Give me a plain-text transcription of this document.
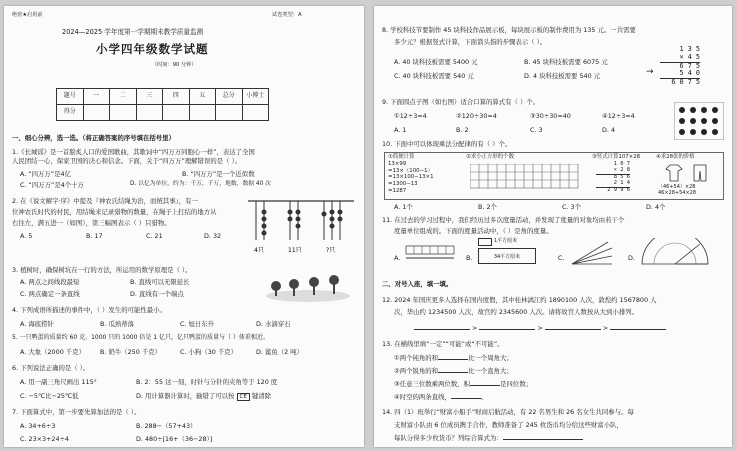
绝密★启用前	试卷类型：A
2024—2025 学年度第一学期期末教学质量监测
小学四年级数学试题
（时间：90 分钟）
题号	一	二	三	四	五	总分	小博士
得分							
一、细心分辨，选一选。（将正确答案的序号填在括号里）
1.《长城谣》是一首脍炙人口的爱国歌曲，其歌词中“四万万同胞心一样”，表达了全国
人民团结一心，保家卫国的决心和信念。下面，关于“四万万”理解错误的是（ ）。
A. “四万万”是4亿	B. “四万万”是一个近似数
C. “四万万”是4个十万	D. 以亿为单位，约为：千万，千万，地数，数据 40 次
2. 在《说文解字·序》中提及『神农氏结绳为治，而统其事』，有一
位神农氏时代的村民，用结绳来记录猎物的数量，在绳子上打结的地方从
右往左，满五进一（如图），第三幅图表示（ ）只猎物。
A. 5	B. 17	C. 21	D. 32
4只	11只	?只
3. 植树时，确保树坑在一行的方法，所运用的数学原理是（ ）。
A. 两点之间线段最短	B. 直线可以无限延长
C. 两点确定一条直线	D. 直线有一个端点
4. 下列成语所描述的事件中，（ ）发生的可能性最小。
A. 海底捞针	B. 瓜熟蒂落	C. 旭日东升	D. 水滴穿石
5. 一只鸭蛋的质量约 60 克，1000 只的 1000 倍是 1 亿只，亿只鸭蛋的质量与（ ）体重相近。
A. 大象（2000 千克） B. 奶牛（250 千克）	C. 小狗（30 千克）	D. 鲨鱼（2 吨）
6. 下列说法正确的是（ ）。
A. 用一副三角尺画出 115°	B. 2：55 这一刻，时针与分针的夹角等于 120 度
C. −5℃比−25℃低	D. 用计算器计算时，输错了可以按 CE 键清除
7. 下面算式中，第一步要先算加法的是（ ）。
A. 34+6÷3	B. 288−（57+43）
C. 23×3+24÷4	D. 480÷[16+（36−28）]
8. 学校科技节要制作 45 块科技作品展示板，每块展示板的制作费用为 135 元。一共需要
多少元？根据竖式计算，下面箭头指的步骤表示（ ）。
A. 40 块科技板需要 5400 元	B. 45 块科技板需要 6075 元
C. 40 块科技板需要 540 元	D. 4 块科技板需要 540 元
1 3 5
× 4 5
6 7 5
5 4 0
6 0 7 5
→
9. 下面圆点子图（如右图）适合口算的算式有（ ）个。
①12÷3=4	②120÷30=4	③30÷30=40	④12÷3=4
A. 1	B. 2	C. 3	D. 4
10. 下面中可以体现乘法分配律的有（ ）个。
①简便计算
13×99
=13×（100−1）
=13×100−13×1
=1300−13
=1287
②求小正方形的个数	③竖式计算107×28
1 0 7
× 2 8
8 5 6
2 1 4
2 9 9 6
④求28张的价格
（46+54）×28
46×28+54×28
A. 1个	B. 2个	C. 3个	D. 4个
11. 在过去的学习过程中，我们经历过多次度量活动，并发现了度量的对象均由若干个
度量单位组成的。下面的度量活动中，（ ）是角的度量。
A.	B.
1平方厘米
34平方厘米	C.	D.
二、对号入座，填一填。
12. 2024 年国庆更多人选择在国内度假，其中桂林漓江约 1890100 人次，敦煌约 1567800 人
次，华山约 1234500 人次，故宫约 2345600 人次。请将故宫人数按从大到小排列。
>	>	>
13. 在横线里填“一定”“可能”或“不可能”。
①两个钝角的和	比一个周角大；
②两个锐角的和	比一个直角大；
③任意三位数乘两位数，积	是四位数；
④时空的两条直线，	。
14. 四（1）班举行“财富小船手”财商启航活动，有 22 名男生和 26 名女生共同参与。每
支财富小队由 6 位成员携手合作，教师准备了 245 枚货币均分给这些财富小队，
每队分得多少枚货币？列综合算式为：
